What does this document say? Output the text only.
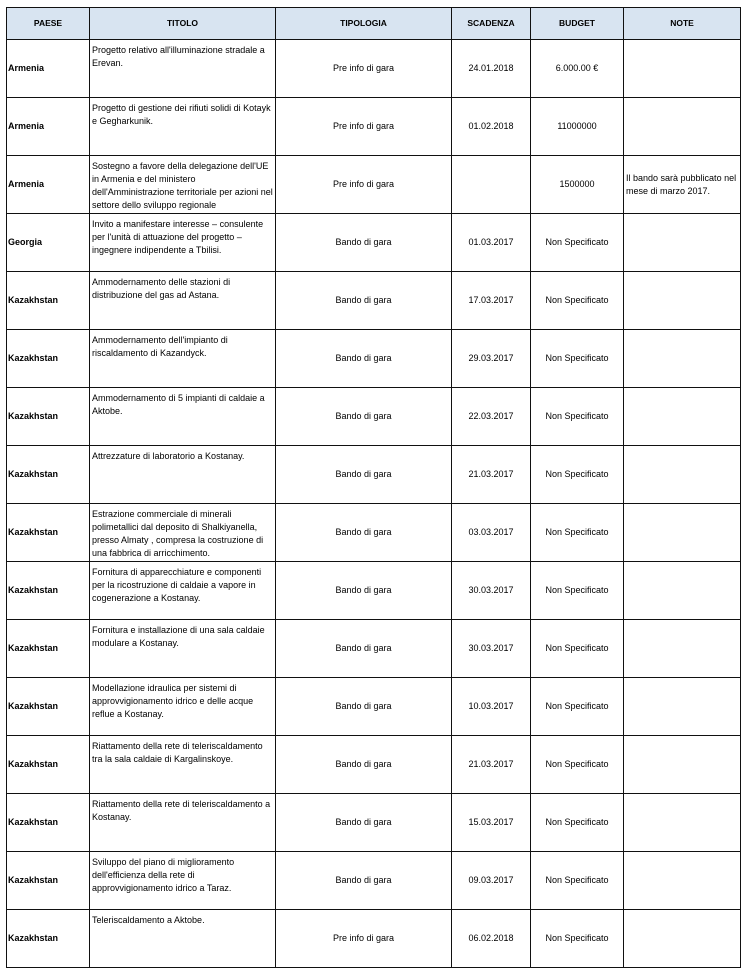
PAESE	TITOLO	TIPOLOGIA	SCADENZA	BUDGET	NOTE
Armenia	Progetto relativo all'illuminazione stradale a Erevan.	Pre info di gara	24.01.2018	6.000.00 €	
Armenia	Progetto di gestione dei rifiuti solidi di Kotayk e Gegharkunik.	Pre info di gara	01.02.2018	11000000	
Armenia	Sostegno a favore della delegazione dell'UE in Armenia e del ministero dell'Amministrazione territoriale per azioni nel settore dello sviluppo regionale	Pre info di gara		1500000	Il bando sarà pubblicato nel mese di marzo 2017.
Georgia	Invito a manifestare interesse – consulente per l'unità di attuazione del progetto – ingegnere indipendente a Tbilisi.	Bando di gara	01.03.2017	Non Specificato	
Kazakhstan	Ammodernamento delle stazioni di distribuzione del gas ad Astana.	Bando di gara	17.03.2017	Non Specificato	
Kazakhstan	Ammodernamento dell'impianto di riscaldamento di Kazandyck.	Bando di gara	29.03.2017	Non Specificato	
Kazakhstan	Ammodernamento di 5 impianti di caldaie a Aktobe.	Bando di gara	22.03.2017	Non Specificato	
Kazakhstan	Attrezzature di laboratorio a Kostanay.	Bando di gara	21.03.2017	Non Specificato	
Kazakhstan	Estrazione commerciale di minerali polimetallici dal deposito di Shalkiyanella, presso Almaty , compresa la costruzione di una fabbrica di arricchimento.	Bando di gara	03.03.2017	Non Specificato	
Kazakhstan	Fornitura di apparecchiature e componenti per la ricostruzione di caldaie a vapore in cogenerazione a Kostanay.	Bando di gara	30.03.2017	Non Specificato	
Kazakhstan	Fornitura e installazione di una sala caldaie modulare a Kostanay.	Bando di gara	30.03.2017	Non Specificato	
Kazakhstan	Modellazione idraulica per sistemi di approvvigionamento idrico e delle acque reflue a Kostanay.	Bando di gara	10.03.2017	Non Specificato	
Kazakhstan	Riattamento della rete di teleriscaldamento tra la sala caldaie di Kargalinskoye.	Bando di gara	21.03.2017	Non Specificato	
Kazakhstan	Riattamento della rete di teleriscaldamento a Kostanay.	Bando di gara	15.03.2017	Non Specificato	
Kazakhstan	Sviluppo del piano di miglioramento dell'efficienza della rete di approvvigionamento idrico a Taraz.	Bando di gara	09.03.2017	Non Specificato	
Kazakhstan	Teleriscaldamento a Aktobe.	Pre info di gara	06.02.2018	Non Specificato	
